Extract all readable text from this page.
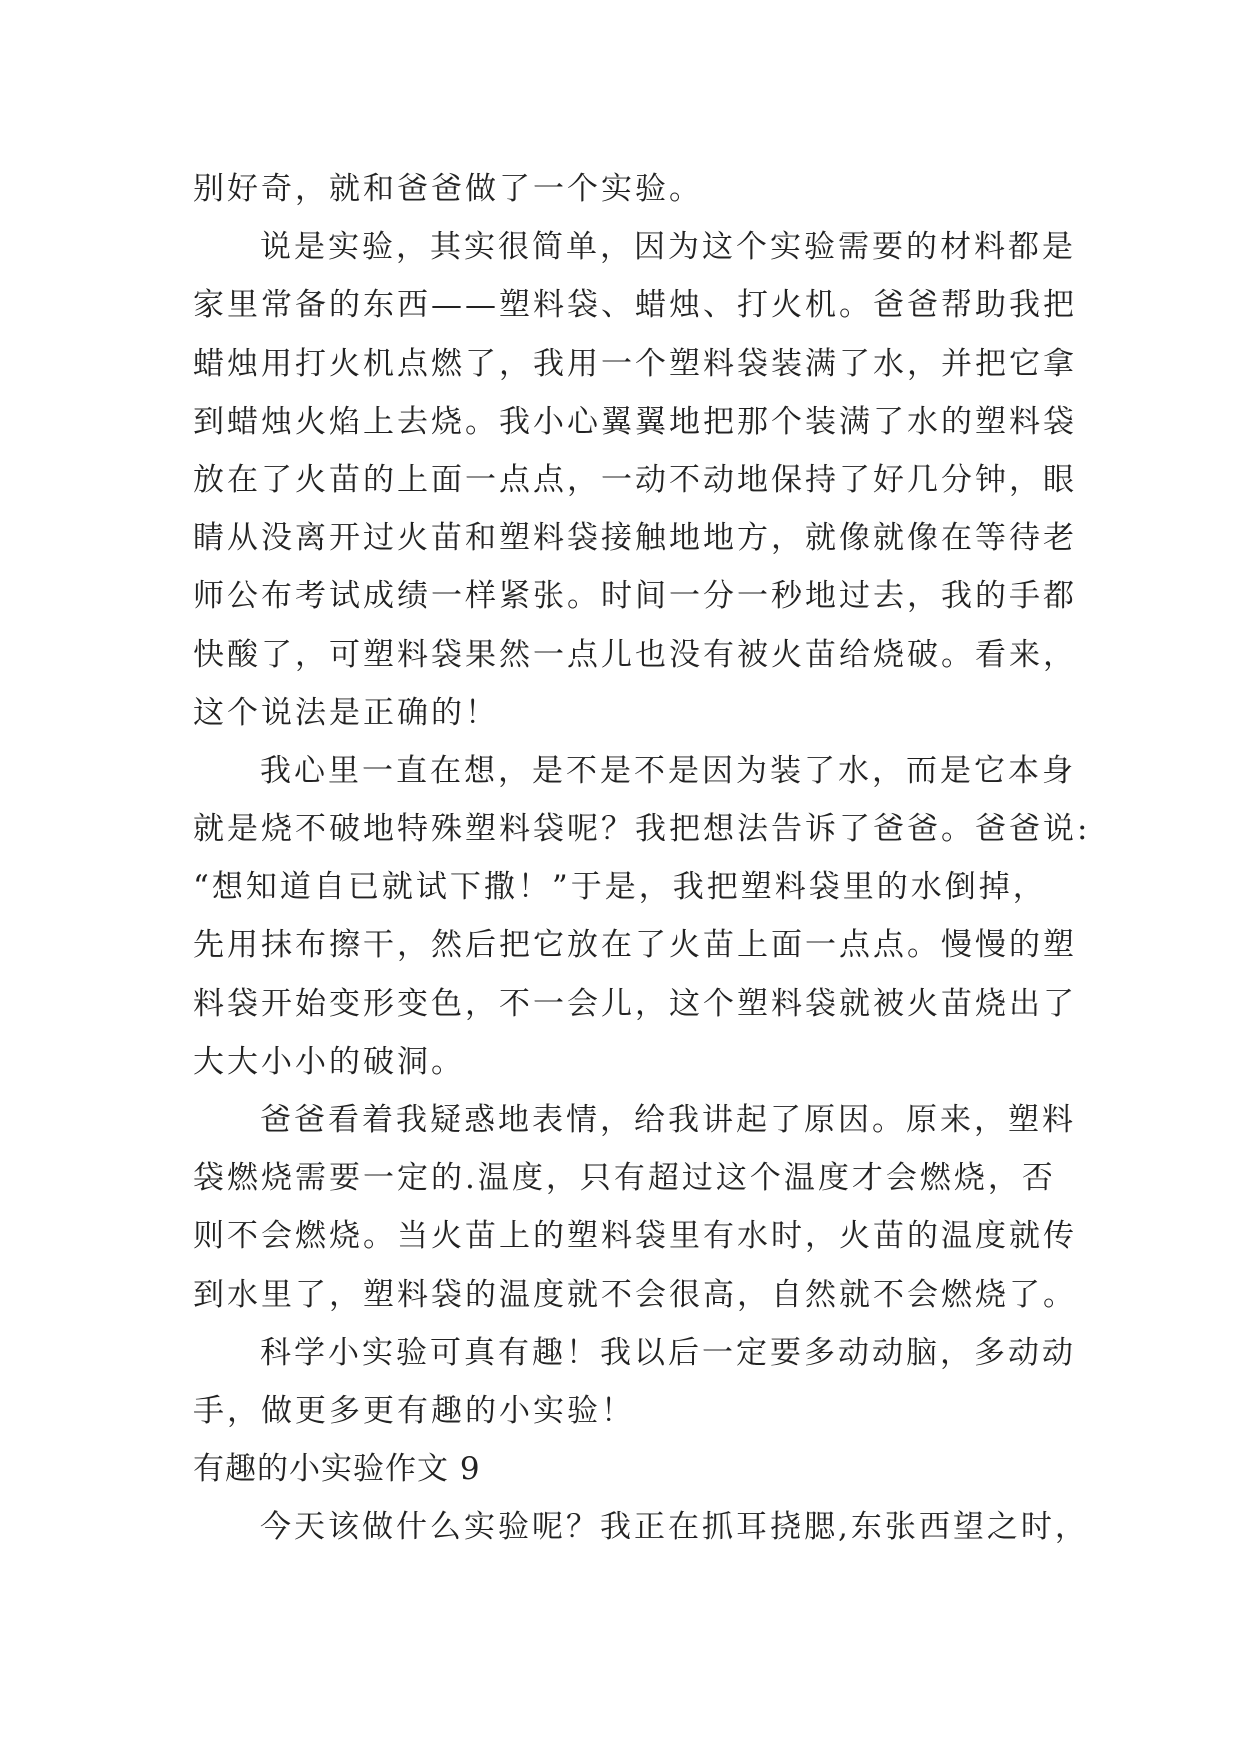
别好奇，就和爸爸做了一个实验。
说是实验，其实很简单，因为这个实验需要的材料都是
家里常备的东西——塑料袋、蜡烛、打火机。爸爸帮助我把
蜡烛用打火机点燃了，我用一个塑料袋装满了水，并把它拿
到蜡烛火焰上去烧。我小心翼翼地把那个装满了水的塑料袋
放在了火苗的上面一点点，一动不动地保持了好几分钟，眼
睛从没离开过火苗和塑料袋接触地地方，就像就像在等待老
师公布考试成绩一样紧张。时间一分一秒地过去，我的手都
快酸了，可塑料袋果然一点儿也没有被火苗给烧破。看来，
这个说法是正确的！
我心里一直在想，是不是不是因为装了水，而是它本身
就是烧不破地特殊塑料袋呢？我把想法告诉了爸爸。爸爸说:
“想知道自已就试下撒！”于是，我把塑料袋里的水倒掉，
先用抹布擦干，然后把它放在了火苗上面一点点。慢慢的塑
料袋开始变形变色，不一会儿，这个塑料袋就被火苗烧出了
大大小小的破洞。
爸爸看着我疑惑地表情，给我讲起了原因。原来，塑料
袋燃烧需要一定的.温度，只有超过这个温度才会燃烧，否
则不会燃烧。当火苗上的塑料袋里有水时，火苗的温度就传
到水里了，塑料袋的温度就不会很高，自然就不会燃烧了。
科学小实验可真有趣！我以后一定要多动动脑，多动动
手，做更多更有趣的小实验！
有趣的小实验作文 9
今天该做什么实验呢？我正在抓耳挠腮,东张西望之时，
